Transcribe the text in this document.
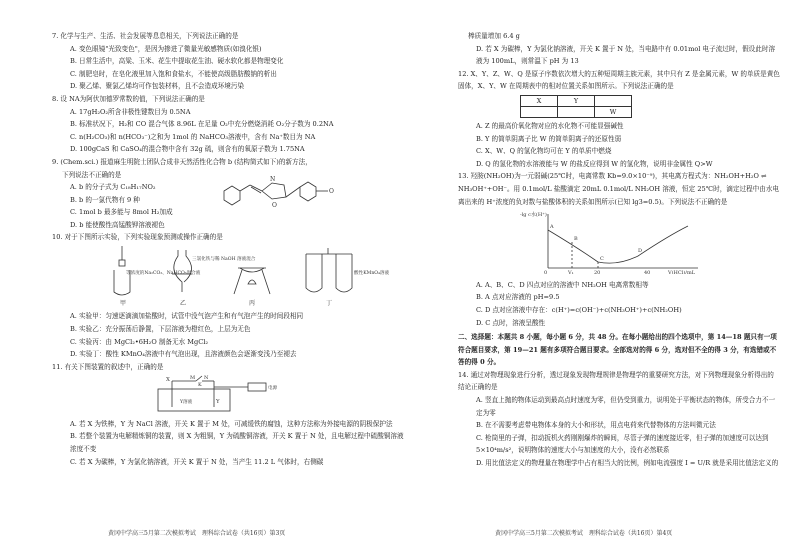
7. 化学与生产、生活、社会发展等息息相关，下列说法正确的是

A. 变色眼镜"光致变色"，是因为掺进了微量光敏感物质(如溴化银)

B. 日常生活中，高粱、玉米、花生中提取花生油、硬水软化都是物理变化

C. 制肥皂时，在皂化液里加入饱和食盐水，不能使高级脂肪酸钠的析出

D. 聚乙烯、聚氯乙烯均可作包装材料，且不会造成环境污染

8. 设 NA为阿伏加德罗常数的值，下列说法正确的是

A. 17gH₂O₂所含非极性键数目为 0.5NA

B. 标准状况下，H₂和 CO 混合气体 8.96L 在足量 O₂中充分燃烧消耗 O₂分子数为 0.2NA

C. n(H₂CO₃)和 n(HCO₃⁻)之和为 1mol 的 NaHCO₃溶液中，含有 Na⁺数目为 NA

D. 100gCaS 和 CaSO₄的混合物中含有 32g 硫，则含有的氧原子数为 1.75NA

9. (Chem.sci.) 报道麻生明院士团队合成非天然活性化合物 b (结构简式如下)的新方法，

下列说法不正确的是

A. b 的分子式为 C₁₈H₁₇NO₂

B. b 的一氯代物有 9 种

C. 1mol b 最多能与 8mol H₂加成

D. b 能使酸性高锰酸钾溶液褪色

N
O
O

10. 对于下图所示实验，下列实验现象预测或操作正确的是

等浓度的Na₂CO₃、NaHCO₃混合液
三氯化铁与稀 NaOH 溶液混合
酸性KMnO₄溶液
甲	乙	丙	丁

A. 实验甲：匀速逐滴滴加盐酸时，试管中没气泡产生和有气泡产生的时间段相同

B. 实验乙：充分振荡后静置，下层溶液为橙红色，上层为无色

C. 实验丙：由 MgCl₂•6H₂O 制备无水 MgCl₂

D. 实验丁：酸性 KMnO₄溶液中有气泡出现，且溶液颜色会逐渐变浅乃至褪去

11. 有关下图装置的叙述中，正确的是

X
Y
M N
K
Y溶液
电源

A. 若 X 为铁棒，Y 为 NaCl 溶液，开关 K 置于 M 处，可减缓铁的腐蚀，这种方法称为外接电源的阴极保护法

B. 若整个装置为电解精炼铜的装置，则 X 为粗铜，Y 为硫酸铜溶液，开关 K 置于 N 处，且电解过程中硫酸铜溶液浓度不变

C. 若 X 为碳棒，Y 为氯化钠溶液，开关 K 置于 N 处，当产生 11.2 L 气体时，右侧碳

棒质量增加 6.4 g

D. 若 X 为碳棒，Y 为氯化钠溶液，开关 K 置于 N 处，当电路中有 0.01mol 电子流过时，假设此时溶液为 100mL，则常温下 pH 为 13

12. X、Y、Z、W、Q 是原子序数依次增大的五种短周期主族元素，其中只有 Z 是金属元素，W 的单质是黄色固体，X、Y、W 在周期表中的相对位置关系如图所示。下列说法正确的是

X	Y	
		W

A. Z 的最高价氧化物对应的水化物不可能显强碱性

B. Y 的简单阴离子比 W 的简单阴离子的还原性弱

C. X、W、Q 的氢化物均可在 Y 的单质中燃烧

D. Q 的氢化物的水溶液能与 W 的盐反应得到 W 的氢化物，说明非金属性 Q>W

13. 羟胺(NH₂OH)为一元弱碱(25℃时，电离常数 Kb=9.0×10⁻⁹)，其电离方程式为：NH₂OH+H₂O ⇌ NH₃OH⁺+OH⁻。用 0.1mol/L 盐酸滴定 20mL 0.1mol/L NH₂OH 溶液，恒定 25℃时，滴定过程中由水电离出来的 H⁺浓度的负对数与盐酸体积的关系如图所示(已知 lg3=0.5)。下列说法不正确的是

-lg c水(H⁺)
V(HCl)/mL
A
B
C
D
0	V₁	20	40

A. A、B、C、D 四点对应的溶液中 NH₂OH 电离常数相等

B. A 点对应溶液的 pH=9.5

C. D 点对应溶液中存在：c(H⁺)=c(OH⁻)+c(NH₃OH⁺)+c(NH₂OH)

D. C 点时，溶液呈酸性

二、选择题：本题共 8 小题，每小题 6 分，共 48 分。在每小题给出的四个选项中，第 14—18 题只有一项符合题目要求，第 19—21 题有多项符合题目要求。全部选对的得 6 分，选对但不全的得 3 分，有选错或不答的得 0 分。

14. 通过对物理现象进行分析，透过现象发现物理规律是物理学的重要研究方法，对下列物理现象分析得出的结论正确的是

A. 竖直上抛的物体运动到最高点时速度为零，但仍受到重力，说明处于平衡状态的物体，所受合力不一定为零

B. 在不需要考虑带电物体本身的大小和形状，用点电荷来代替物体的方法叫微元法

C. 枪筒里的子弹，扣动扳机火药刚刚爆炸的瞬间，尽管子弹的速度接近零，但子弹的加速度可以达到 5×10⁴m/s²，说明物体的速度大小与加速度的大小，没有必然联系

D. 用比值法定义的物理量在物理学中占有相当大的比例，例如电流强度 I = U/R 就是采用比值法定义的

黄冈中学高三5月第二次模拟考试　理科综合试卷（共16页）第3页	黄冈中学高三5月第二次模拟考试　理科综合试卷（共16页）第4页
